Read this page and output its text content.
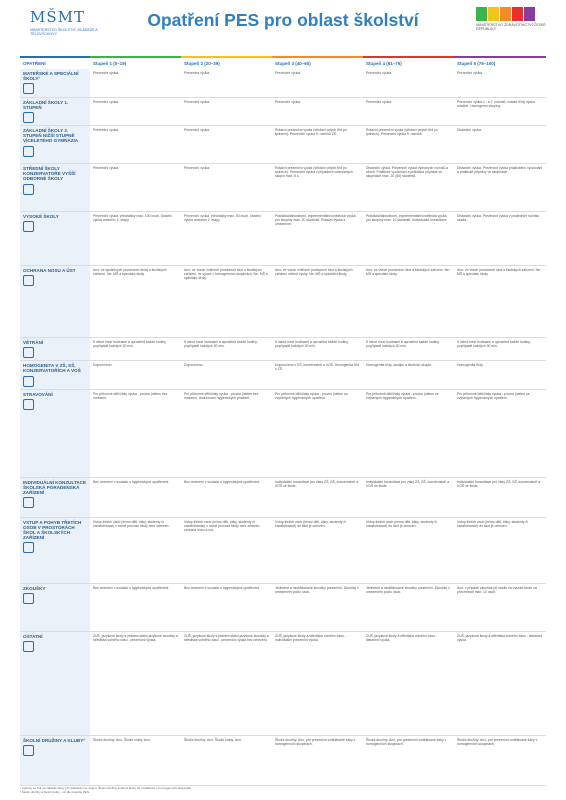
MŠMT
MINISTERSTVO ŠKOLSTVÍ, MLÁDEŽE A TĚLOVÝCHOVY
Opatření PES pro oblast školství	MINISTERSTVO ZDRAVOTNICTVÍ ČESKÉ REPUBLIKY
OPATŘENÍ	Stupeň 1 (0–19)	Stupeň 2 (20–39)	Stupeň 3 (40–60)	Stupeň 4 (61–75)	Stupeň 5 (76–100)

MATEŘSKÉ A SPECIÁLNÍ ŠKOLY¹	Prezenční výuka.	Prezenční výuka.	Prezenční výuka.	Prezenční výuka.	Prezenční výuka.

ZÁKLADNÍ ŠKOLY 1. STUPEŇ	Prezenční výuka.	Prezenční výuka.	Prezenční výuka.	Prezenční výuka.	Prezenční výuka 1., a 2. ročníků, ostatní třídy výuka rotačně. Homogenní skupiny.

ZÁKLADNÍ ŠKOLY 2. STUPEŇ NIŽŠÍ STUPNĚ VÍCELETÉHO GYMNÁZIA	Prezenční výuka.	Prezenční výuka.	Rotační prezenční výuka (střídání celých tříd po týdnech). Prezenční výuka 9. ročníků ZŠ.	Rotační prezenční výuka (střídání celých tříd po týdnech). Prezenční výuka 9. ročníků.	Distanční výuka.

STŘEDNÍ ŠKOLY KONZERVATOŘE VYŠŠÍ ODBORNÉ ŠKOLY	Prezenční výuka.	Prezenční výuka.	Rotační prezenční výuka (střídání celých tříd po týdnech). Prezenční výuka v případech uzavíraných skupin max. 8 s.	Distanční výuka. Prezenční výuka vybraných ročníků a oborů. Praktické vyučování a praktická příprava ve skupinách max. 20 (80) studentů.	Distanční výuka. Prezenční výuka praktického vyučování a praktické přípravy ve skupinách.

VYSOKÉ ŠKOLY	Prezenční výuka, přednášky max. 100 osob. Ostatní výuka omezení 1. etapy.	Prezenční výuka, přednášky max. 50 osob. Ostatní výuka omezení 2. etapy.	Praktická/laboratorní, experimentální/umělecká výuka pro skupiny max. 20 studentů. Rotační výuka s omezením.	Praktická/laboratorní, experimentální/umělecká výuka pro skupiny max. 10 studentů. Individuální konzultace.	Distanční výuka. Prezenční výuka v posledním ročníku studia.

OCHRANA NOSU A ÚST	Ano: ve společných prostorech školy a školských zařízení. Ne: MŠ a speciální školy.	Ano: ve všech vnitřních prostorech škol a školských zařízení, ve výuce v homogenních skupinách. Ne: MŠ a speciální školy.	Ano: ve všech vnitřních prostorech škol a školských zařízení včetně výuky. Ne: MŠ a speciální školy.	Ano: ve všech prostorech škol a školských zařízení. Ne: MŠ a speciální školy.	Ano: ve všech prostorech škol a školských zařízení. Ne: MŠ a speciální školy.

VĚTRÁNÍ	5 minut mezi hodinami a uprostřed každé hodiny, popřípadě každých 30 min.	5 minut mezi hodinami a uprostřed každé hodiny, popřípadě každých 30 min.	5 minut mezi hodinami a uprostřed každé hodiny, popřípadě každých 30 min.	5 minut mezi hodinami a uprostřed každé hodiny, popřípadě každých 30 min.	5 minut mezi hodinami a uprostřed každé hodiny, popřípadě každých 30 min.

HOMOGENITA V ZŠ, SŠ, KONZERVATOŘÍCH A VOŠ	Doporučeno.	Doporučeno.	Doporučeno v SŠ, konzervatoři a VOŠ. Homogenita tříd v ZŠ.	Homogenita třídy, studijní a školních skupin.	Homogenita třídy.

STRAVOVÁNÍ	Pro přítomné dětí/žáky výuka - provoz jídelen bez omezení.	Pro přítomné dětí/žáky výuka - provoz jídelen bez omezení, dodržování hygienických pravidel.	Pro přítomné dětí/žáky výuka - provoz jídelen za zvýšených hygienických opatření.	Pro přítomné dětí/žáky výuka - provoz jídelen za zvýšených hygienických opatření.	Pro přítomné dětí/žáky výuka - provoz jídelen za zvýšených hygienických opatření.

INDIVIDUÁLNÍ KONZULTACE ŠKOLSKÁ PORADENSKÁ ZAŘÍZENÍ	Bez omezení v souladu s hygienickými opatřeními.	Bez omezení v souladu s hygienickými opatřeními.	Individuální konzultace pro žáky ZŠ, SŠ, konzervatoří a VOŠ ve škole.	Individuální konzultace pro žáky ZŠ, SŠ, konzervatoří a VOŠ ve škole.	Individuální konzultace pro žáky ZŠ, SŠ, konzervatoří a VOŠ ve škole.

VSTUP A POHYB TŘETÍCH OSOB V PROSTORÁCH ŠKOL A ŠKOLSKÝCH ZAŘÍZENÍ	Vstup třetích osob (mimo děti, žáky, studenty či zaměstnance) v rámci provozu školy není omezen.	Vstup třetích osob (mimo děti, žáky, studenty či zaměstnance) v rámci provozu školy není omezen, ochrana nosu a úst.	Vstup třetích osob (mimo děti, žáky, studenty či zaměstnance) do škol je omezen.	Vstup třetích osob (mimo děti, žáky, studenty či zaměstnance) do škol je omezen.	Vstup třetích osob (mimo děti, žáky, studenty či zaměstnance) do škol je omezen.

ZKOUŠKY	Bez omezení v souladu s hygienickými opatřeními.	Bez omezení v souladu s hygienickými opatřeními.	Jednotné a modifikované zkoušky prezenční. Zkoušky v omezeném počtu osob.	Jednotné a modifikované zkoušky prezenční. Zkoušky v omezeném počtu osob.	Ano: v případě zkoušek při studiu na vysoké škole za přítomnosti max. 10 osob.

OSTATNÍ	ZUŠ, jazykové školy s právem státní jazykové zkoušky a střediska volného času - prezenční výuka.	ZUŠ, jazykové školy s právem státní jazykové zkoušky a střediska volného času - prezenční výuka bez omezení.	ZUŠ, jazykové školy a střediska volného času - individuální prezenční výuka.	ZUŠ, jazykové školy a střediska volného času - distanční výuka.	ZUŠ, jazykové školy a střediska volného času - distanční výuka.

ŠKOLNÍ DRUŽINY A KLUBY²	Školní družiny: Ano. Školní kluby: Ano.	Školní družiny: Ano. Školní kluby: Ano.	Školní družiny: Ano, pro prezenční vzdělávané žáky v homogenních skupinách.	Školní družiny: Ano, pro prezenční vzdělávané žáky v homogenních skupinách.	Školní družiny: Ano, pro prezenční vzdělávané žáky v homogenních skupinách.
¹ Výjimky se řídí na základě školy při vzdělávání ve stupni. Školní družiny a školní kluby při vzdělávání v homogenních skupinách.
² Školní družiny a školní kluby - viz dle pravidel PES.
